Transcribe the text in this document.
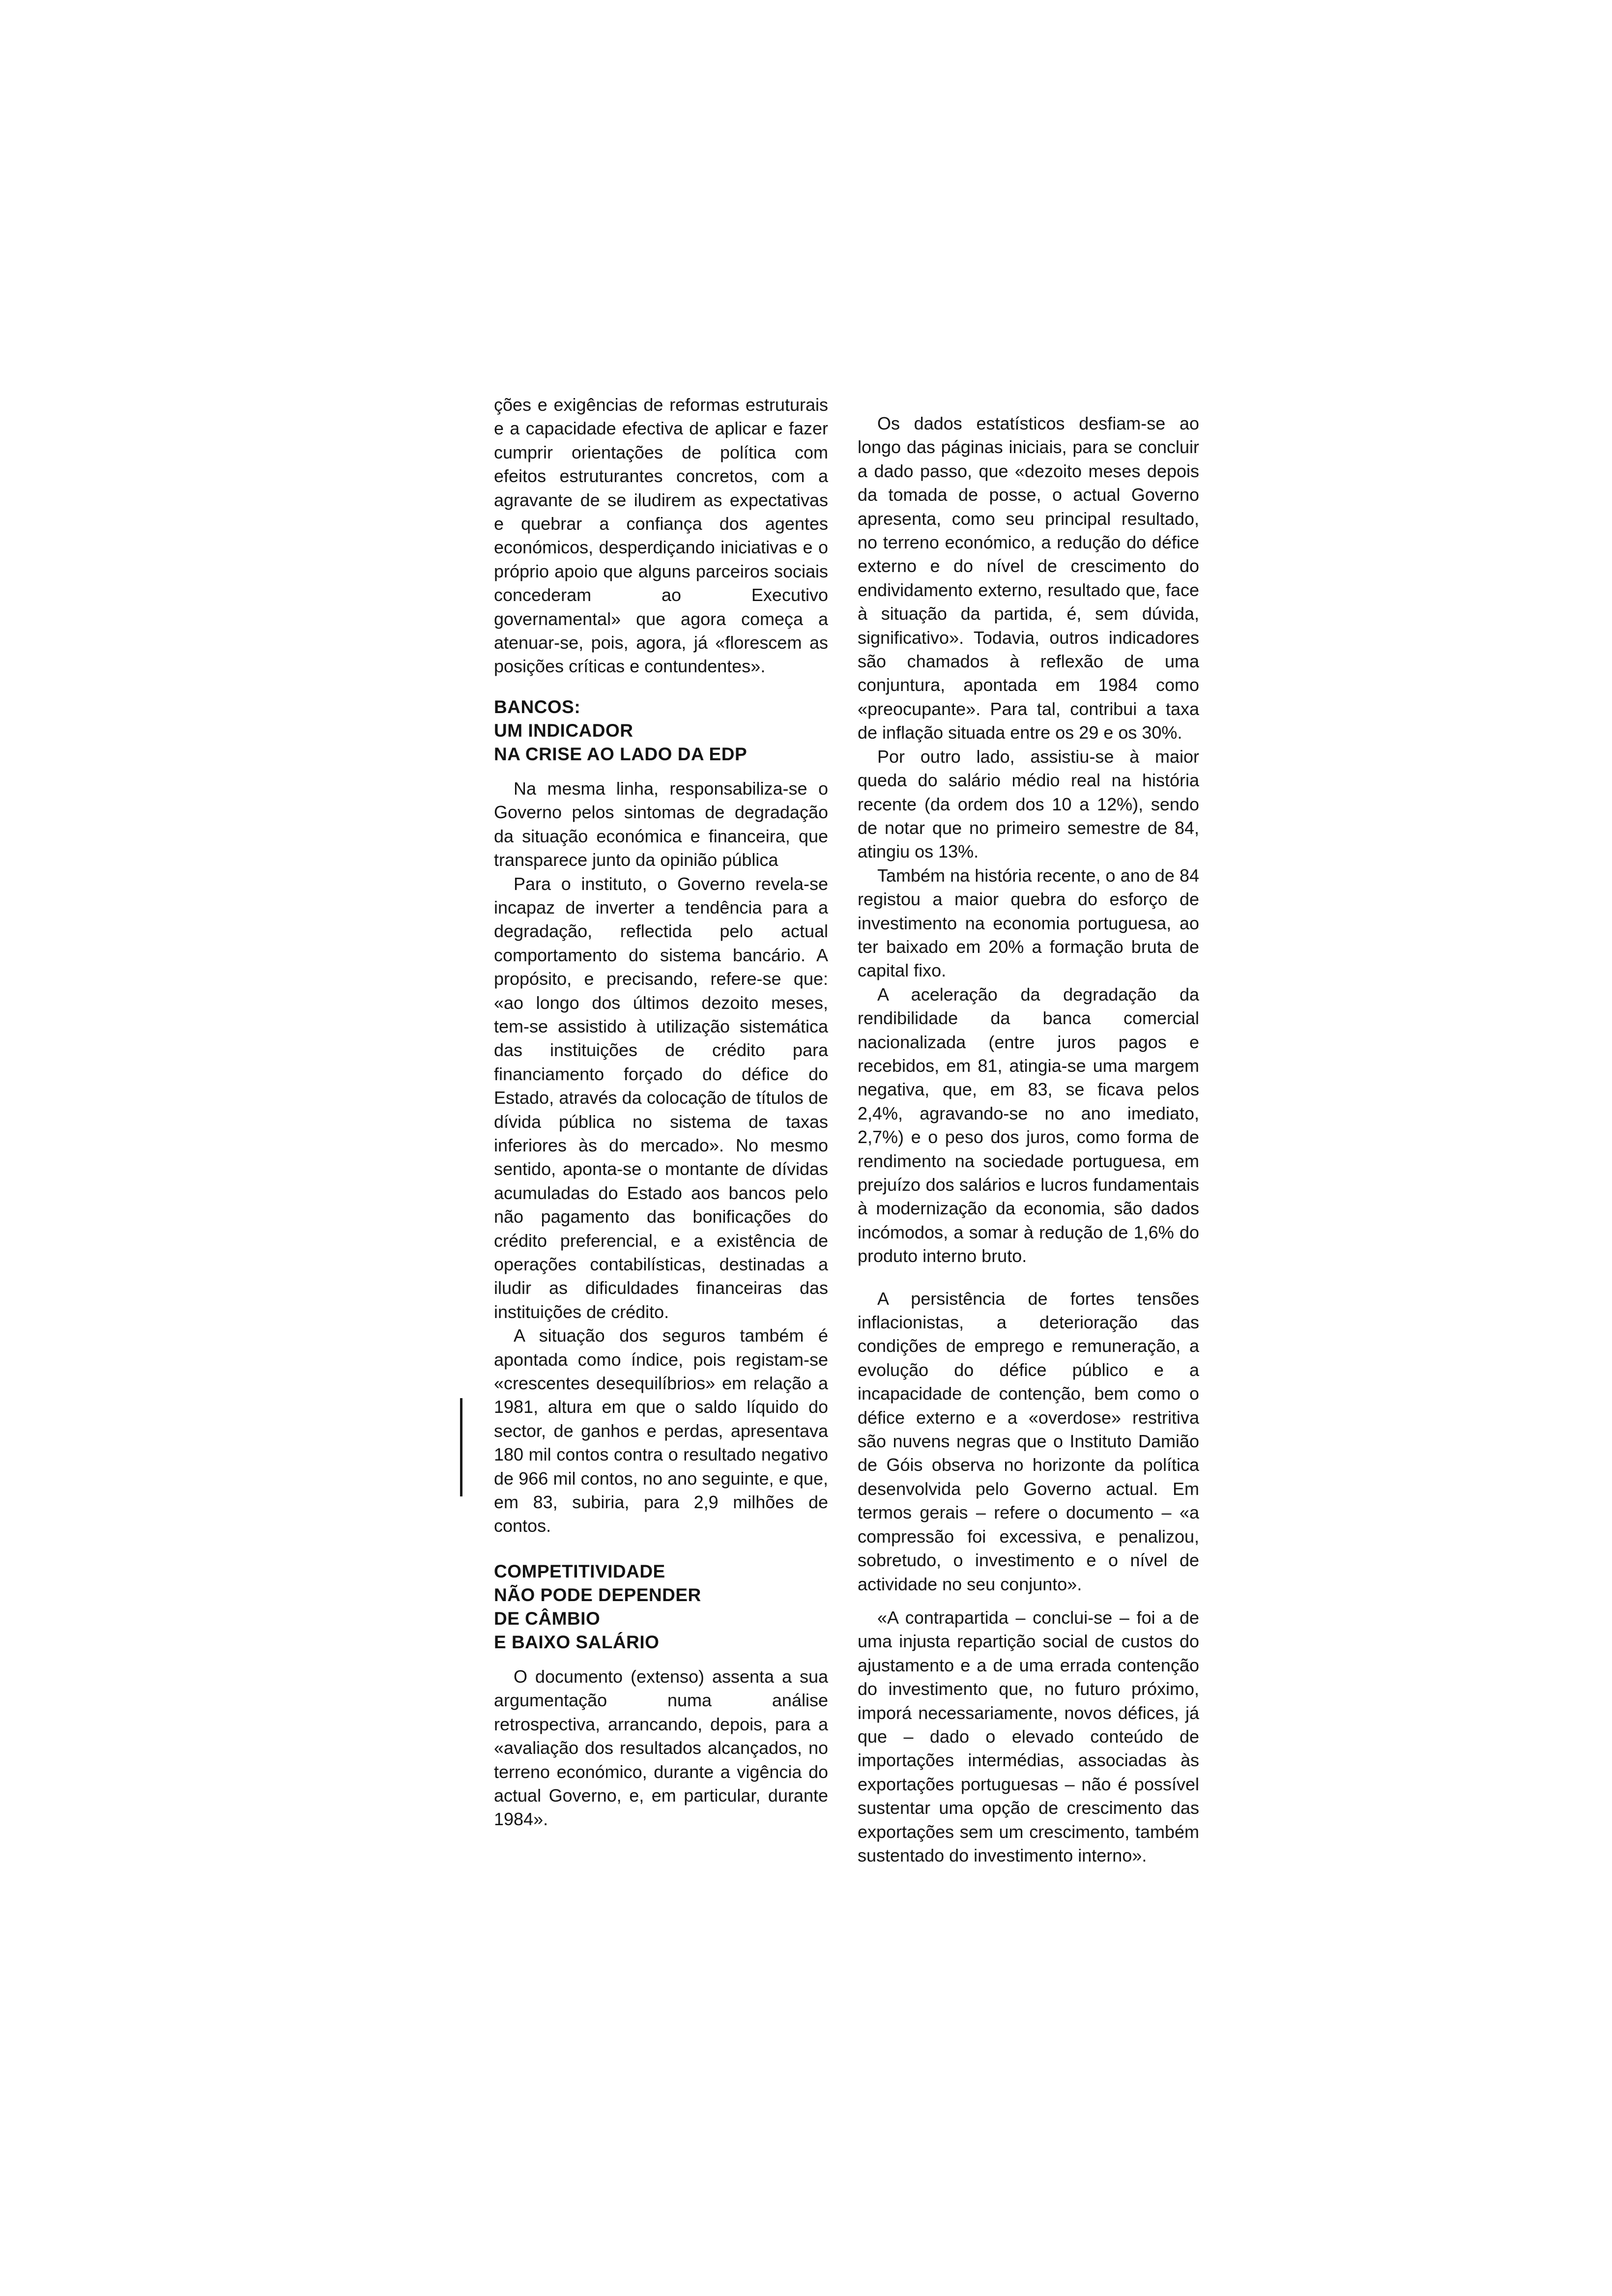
ções e exigências de reformas estruturais e a capacidade efectiva de aplicar e fazer cumprir orientações de política com efeitos estruturantes concretos, com a agravante de se iludirem as expectativas e quebrar a confiança dos agentes económicos, desperdiçando iniciativas e o próprio apoio que alguns parceiros sociais concederam ao Executivo governamental» que agora começa a atenuar-se, pois, agora, já «florescem as posições críticas e contundentes».

BANCOS:
UM INDICADOR
NA CRISE AO LADO DA EDP

Na mesma linha, responsabiliza-se o Governo pelos sintomas de degradação da situação económica e financeira, que transparece junto da opinião pública

Para o instituto, o Governo revela-se incapaz de inverter a tendência para a degradação, reflectida pelo actual comportamento do sistema bancário. A propósito, e precisando, refere-se que: «ao longo dos últimos dezoito meses, tem-se assistido à utilização sistemática das instituições de crédito para financiamento forçado do défice do Estado, através da colocação de títulos de dívida pública no sistema de taxas inferiores às do mercado». No mesmo sentido, aponta-se o montante de dívidas acumuladas do Estado aos bancos pelo não pagamento das bonificações do crédito preferencial, e a existência de operações contabilísticas, destinadas a iludir as dificuldades financeiras das instituições de crédito.

A situação dos seguros também é apontada como índice, pois registam-se «crescentes desequilíbrios» em relação a 1981, altura em que o saldo líquido do sector, de ganhos e perdas, apresentava 180 mil contos contra o resultado negativo de 966 mil contos, no ano seguinte, e que, em 83, subiria, para 2,9 milhões de contos.

COMPETITIVIDADE
NÃO PODE DEPENDER
DE CÂMBIO
E BAIXO SALÁRIO

O documento (extenso) assenta a sua argumentação numa análise retrospectiva, arrancando, depois, para a «avaliação dos resultados alcançados, no terreno económico, durante a vigência do actual Governo, e, em particular, durante 1984».

Os dados estatísticos desfiam-se ao longo das páginas iniciais, para se concluir a dado passo, que «dezoito meses depois da tomada de posse, o actual Governo apresenta, como seu principal resultado, no terreno económico, a redução do défice externo e do nível de crescimento do endividamento externo, resultado que, face à situação da partida, é, sem dúvida, significativo». Todavia, outros indicadores são chamados à reflexão de uma conjuntura, apontada em 1984 como «preocupante». Para tal, contribui a taxa de inflação situada entre os 29 e os 30%.

Por outro lado, assistiu-se à maior queda do salário médio real na história recente (da ordem dos 10 a 12%), sendo de notar que no primeiro semestre de 84, atingiu os 13%.

Também na história recente, o ano de 84 registou a maior quebra do esforço de investimento na economia portuguesa, ao ter baixado em 20% a formação bruta de capital fixo.

A aceleração da degradação da rendibilidade da banca comercial nacionalizada (entre juros pagos e recebidos, em 81, atingia-se uma margem negativa, que, em 83, se ficava pelos 2,4%, agravando-se no ano imediato, 2,7%) e o peso dos juros, como forma de rendimento na sociedade portuguesa, em prejuízo dos salários e lucros fundamentais à modernização da economia, são dados incómodos, a somar à redução de 1,6% do produto interno bruto.

A persistência de fortes tensões inflacionistas, a deterioração das condições de emprego e remuneração, a evolução do défice público e a incapacidade de contenção, bem como o défice externo e a «overdose» restritiva são nuvens negras que o Instituto Damião de Góis observa no horizonte da política desenvolvida pelo Governo actual. Em termos gerais – refere o documento – «a compressão foi excessiva, e penalizou, sobretudo, o investimento e o nível de actividade no seu conjunto».

«A contrapartida – conclui-se – foi a de uma injusta repartição social de custos do ajustamento e a de uma errada contenção do investimento que, no futuro próximo, imporá necessariamente, novos défices, já que – dado o elevado conteúdo de importações intermédias, associadas às exportações portuguesas – não é possível sustentar uma opção de crescimento das exportações sem um crescimento, também sustentado do investimento interno».
